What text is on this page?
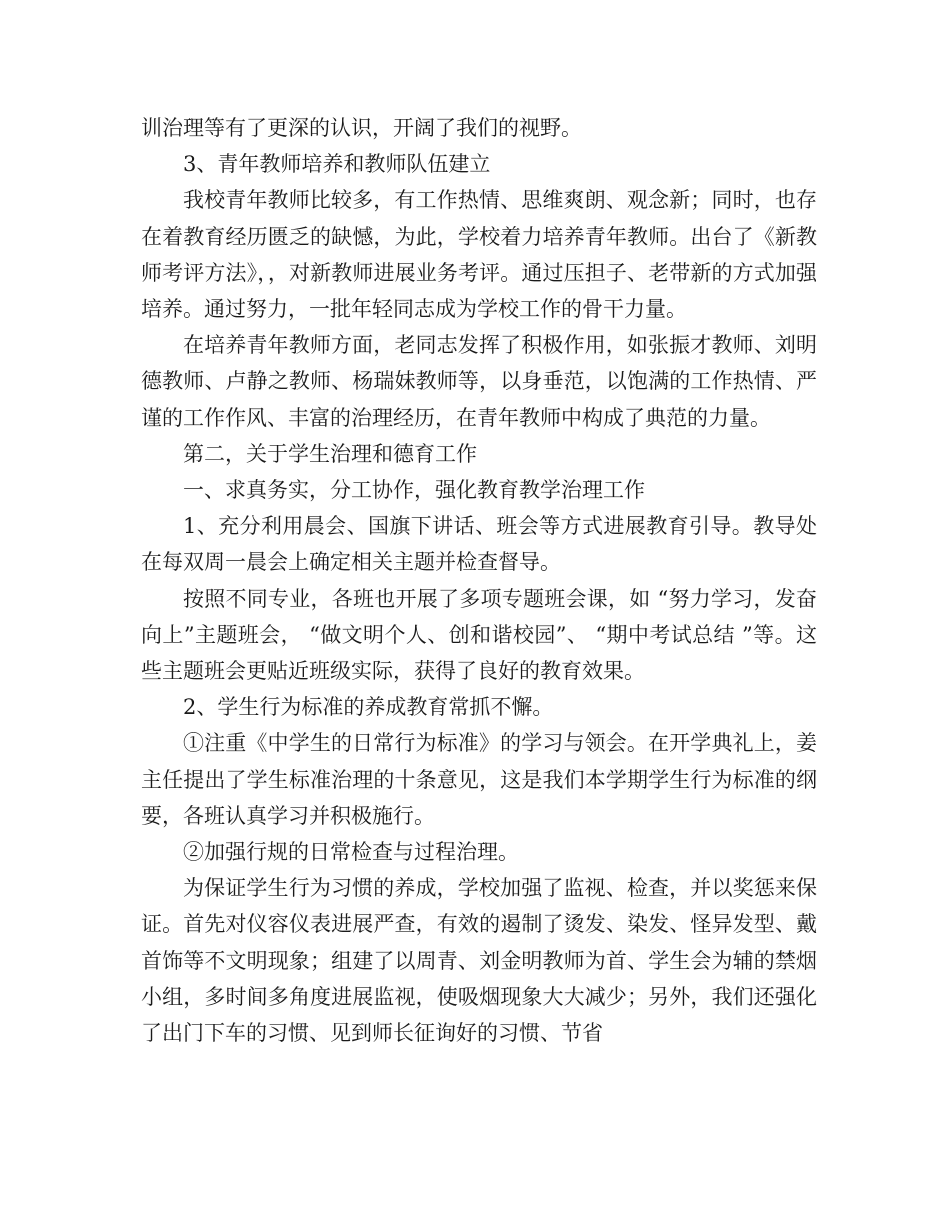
训治理等有了更深的认识，开阔了我们的视野。

3、青年教师培养和教师队伍建立

我校青年教师比较多，有工作热情、思维爽朗、观念新；同时，也存在着教育经历匮乏的缺憾，为此，学校着力培养青年教师。出台了《新教师考评方法》，，对新教师进展业务考评。通过压担子、老带新的方式加强培养。通过努力，一批年轻同志成为学校工作的骨干力量。

在培养青年教师方面，老同志发挥了积极作用，如张振才教师、刘明德教师、卢静之教师、杨瑞妹教师等，以身垂范，以饱满的工作热情、严谨的工作作风、丰富的治理经历，在青年教师中构成了典范的力量。

第二，关于学生治理和德育工作

一、求真务实，分工协作，强化教育教学治理工作

1、充分利用晨会、国旗下讲话、班会等方式进展教育引导。教导处在每双周一晨会上确定相关主题并检查督导。

按照不同专业，各班也开展了多项专题班会课，如 “努力学习，发奋向上”主题班会， “做文明个人、创和谐校园”、 “期中考试总结 ”等。这些主题班会更贴近班级实际，获得了良好的教育效果。

2、学生行为标准的养成教育常抓不懈。

①注重《中学生的日常行为标准》的学习与领会。在开学典礼上，姜主任提出了学生标准治理的十条意见，这是我们本学期学生行为标准的纲要，各班认真学习并积极施行。

②加强行规的日常检查与过程治理。

为保证学生行为习惯的养成，学校加强了监视、检查，并以奖惩来保证。首先对仪容仪表进展严查，有效的遏制了烫发、染发、怪异发型、戴首饰等不文明现象；组建了以周青、刘金明教师为首、学生会为辅的禁烟小组，多时间多角度进展监视，使吸烟现象大大减少；另外，我们还强化了出门下车的习惯、见到师长征询好的习惯、节省
